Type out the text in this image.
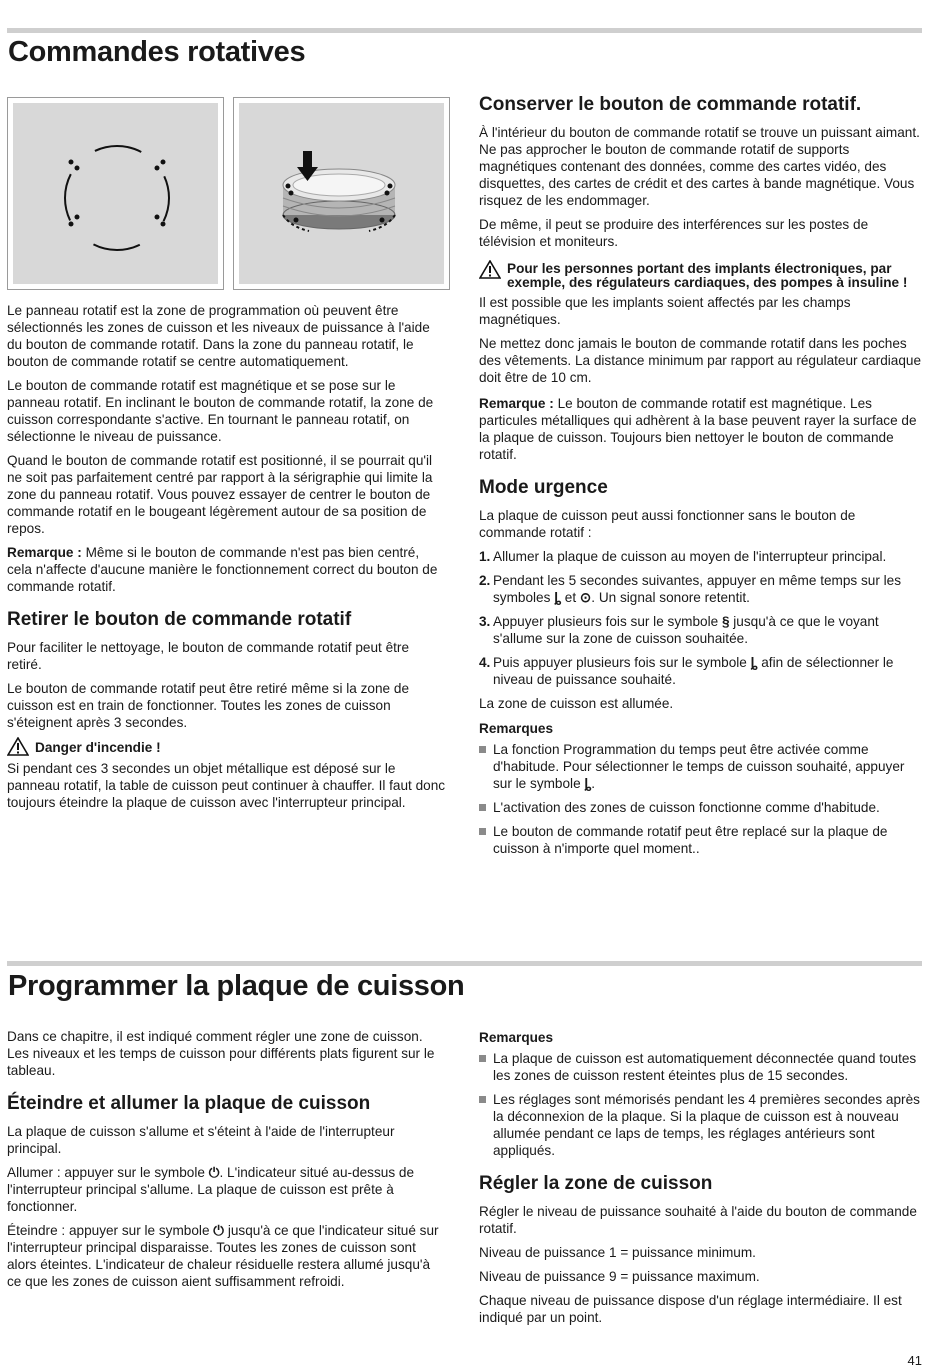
Commandes rotatives

Le panneau rotatif est la zone de programmation où peuvent être sélectionnés les zones de cuisson et les niveaux de puissance à l'aide du bouton de commande rotatif. Dans la zone du panneau rotatif, le bouton de commande rotatif se centre automatiquement.

Le bouton de commande rotatif est magnétique et se pose sur le panneau rotatif. En inclinant le bouton de commande rotatif, la zone de cuisson correspondante s'active. En tournant le panneau rotatif, on sélectionne le niveau de puissance.

Quand le bouton de commande rotatif est positionné, il se pourrait qu'il ne soit pas parfaitement centré par rapport à la sérigraphie qui limite la zone du panneau rotatif. Vous pouvez essayer de centrer le bouton de commande rotatif en le bougeant légèrement autour de sa position de repos.

Remarque : Même si le bouton de commande n'est pas bien centré, cela n'affecte d'aucune manière le fonctionnement correct du bouton de commande rotatif.

Retirer le bouton de commande rotatif

Pour faciliter le nettoyage, le bouton de commande rotatif peut être retiré.

Le bouton de commande rotatif peut être retiré même si la zone de cuisson est en train de fonctionner. Toutes les zones de cuisson s'éteignent après 3 secondes.

Danger d'incendie !

Si pendant ces 3 secondes un objet métallique est déposé sur le panneau rotatif, la table de cuisson peut continuer à chauffer. Il faut donc toujours éteindre la plaque de cuisson avec l'interrupteur principal.

Conserver le bouton de commande rotatif.

À l'intérieur du bouton de commande rotatif se trouve un puissant aimant. Ne pas approcher le bouton de commande rotatif de supports magnétiques contenant des données, comme des cartes vidéo, des disquettes, des cartes de crédit et des cartes à bande magnétique. Vous risquez de les endommager.

De même, il peut se produire des interférences sur les postes de télévision et moniteurs.

Pour les personnes portant des implants électroniques, par exemple, des régulateurs cardiaques, des pompes à insuline !

Il est possible que les implants soient affectés par les champs magnétiques.

Ne mettez donc jamais le bouton de commande rotatif dans les poches des vêtements. La distance minimum par rapport au régulateur cardiaque doit être de 10 cm.

Remarque : Le bouton de commande rotatif est magnétique. Les particules métalliques qui adhèrent à la base peuvent rayer la surface de la plaque de cuisson. Toujours bien nettoyer le bouton de commande rotatif.

Mode urgence

La plaque de cuisson peut aussi fonctionner sans le bouton de commande rotatif :

1. Allumer la plaque de cuisson au moyen de l'interrupteur principal.
2. Pendant les 5 secondes suivantes, appuyer en même temps sur les symboles ȴ et ⊙. Un signal sonore retentit.
3. Appuyer plusieurs fois sur le symbole § jusqu'à ce que le voyant s'allume sur la zone de cuisson souhaitée.
4. Puis appuyer plusieurs fois sur le symbole ȴ afin de sélectionner le niveau de puissance souhaité.

La zone de cuisson est allumée.

Remarques
La fonction Programmation du temps peut être activée comme d'habitude. Pour sélectionner le temps de cuisson souhaité, appuyer sur le symbole ȴ.
L'activation des zones de cuisson fonctionne comme d'habitude.
Le bouton de commande rotatif peut être replacé sur la plaque de cuisson à n'importe quel moment..
Programmer la plaque de cuisson

Dans ce chapitre, il est indiqué comment régler une zone de cuisson. Les niveaux et les temps de cuisson pour différents plats figurent sur le tableau.

Éteindre et allumer la plaque de cuisson

La plaque de cuisson s'allume et s'éteint à l'aide de l'interrupteur principal.

Allumer : appuyer sur le symbole ⏻. L'indicateur situé au-dessus de l'interrupteur principal s'allume. La plaque de cuisson est prête à fonctionner.

Éteindre : appuyer sur le symbole ⏻ jusqu'à ce que l'indicateur situé sur l'interrupteur principal disparaisse. Toutes les zones de cuisson sont alors éteintes. L'indicateur de chaleur résiduelle restera allumé jusqu'à ce que les zones de cuisson aient suffisamment refroidi.

Remarques
La plaque de cuisson est automatiquement déconnectée quand toutes les zones de cuisson restent éteintes plus de 15 secondes.
Les réglages sont mémorisés pendant les 4 premières secondes après la déconnexion de la plaque. Si la plaque de cuisson est à nouveau allumée pendant ce laps de temps, les réglages antérieurs sont appliqués.
Régler la zone de cuisson

Régler le niveau de puissance souhaité à l'aide du bouton de commande rotatif.

Niveau de puissance 1 = puissance minimum.

Niveau de puissance 9 = puissance maximum.

Chaque niveau de puissance dispose d'un réglage intermédiaire. Il est indiqué par un point.

41
